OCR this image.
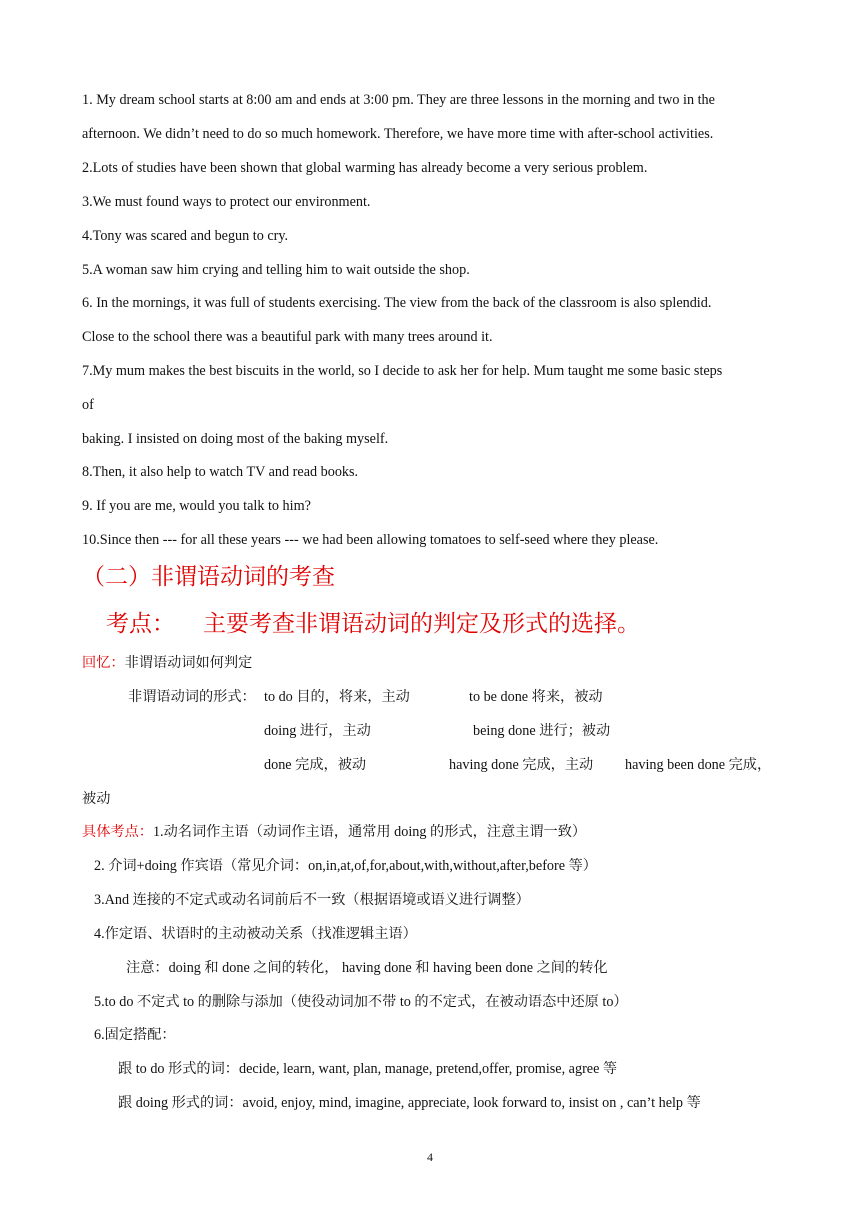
1. My dream school starts at 8:00 am and ends at 3:00 pm. They are three lessons in the morning and two in the
afternoon. We didn’t need to do so much homework. Therefore, we have more time with after-school activities.
2.Lots of studies have been shown that global warming has already become a very serious problem.
3.We must found ways to protect our environment.
4.Tony was scared and begun to cry.
5.A woman saw him crying and telling him to wait outside the shop.
6. In the mornings, it was full of students exercising. The view from the back of the classroom is also splendid.
Close to the school there was a beautiful park with many trees around it.
7.My mum makes the best biscuits in the world, so I decide to ask her for help. Mum taught me some basic steps
of
baking. I insisted on doing most of the baking myself.
8.Then, it also help to watch TV and read books.
9. If you are me, would you talk to him?
10.Since then --- for all these years --- we had been allowing tomatoes to self-seed where they please.
（二）非谓语动词的考查
考点： 主要考查非谓语动词的判定及形式的选择。
回忆：非谓语动词如何判定
非谓语动词的形式： to do 目的，将来，主动	to be done 将来，被动
doing 进行，主动	being done 进行；被动
done 完成，被动	having done 完成，主动 having been done 完成，
被动
具体考点：1.动名词作主语（动词作主语，通常用 doing 的形式，注意主谓一致）
2. 介词+doing 作宾语（常见介词：on,in,at,of,for,about,with,without,after,before 等）
3.And 连接的不定式或动名词前后不一致（根据语境或语义进行调整）
4.作定语、状语时的主动被动关系（找准逻辑主语）
注意：doing 和 done 之间的转化， having done 和 having been done 之间的转化
5.to do 不定式 to 的删除与添加（使役动词加不带 to 的不定式，在被动语态中还原 to）
6.固定搭配：
跟 to do 形式的词：decide, learn, want, plan, manage, pretend,offer, promise, agree 等
跟 doing 形式的词：avoid, enjoy, mind, imagine, appreciate, look forward to, insist on , can’t help 等
4
